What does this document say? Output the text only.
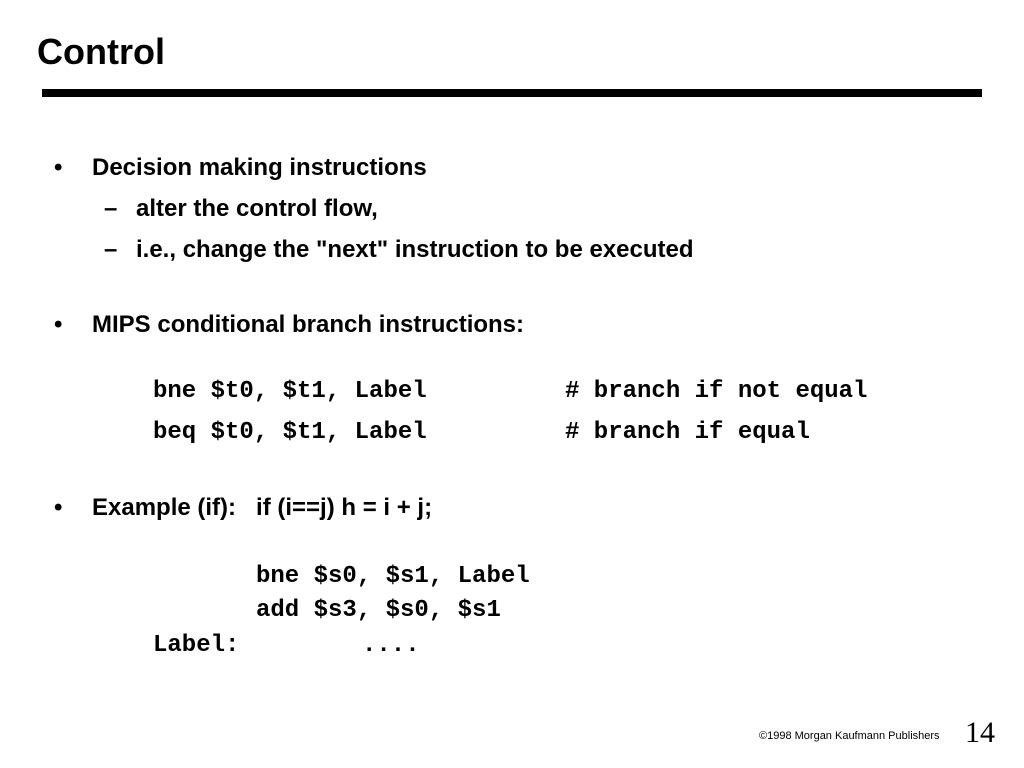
Control
• Decision making instructions
– alter the control flow,
– i.e., change the "next" instruction to be executed
• MIPS conditional branch instructions:
bne $t0, $t1, Label	# branch if not equal
beq $t0, $t1, Label	# branch if equal
• Example (if):   if (i==j) h = i + j;
bne $s0, $s1, Label
add $s3, $s0, $s1
Label:	....
©1998 Morgan Kaufmann Publishers 14
